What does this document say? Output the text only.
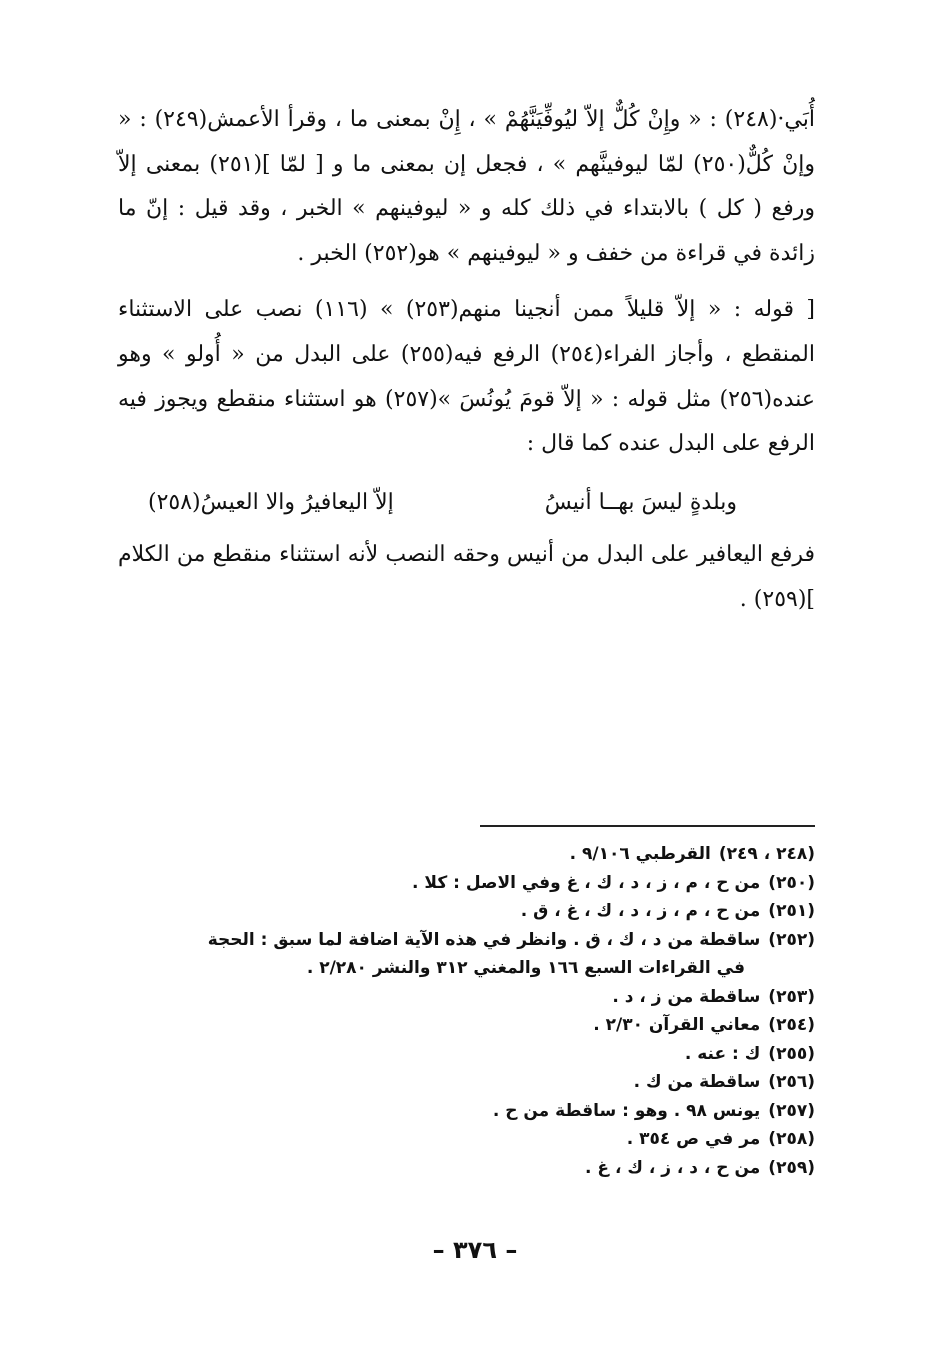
أُبَي·(٢٤٨) : « وإِنْ كُلٌّ إلاّ ليُوفِّيَنَّهُمْ » ، إِنْ بمعنى ما ، وقرأ الأعمش(٢٤٩) : « وإنْ كُلٌّ(٢٥٠) لمّا ليوفينَّهم » ، فجعل إن بمعنى ما و [ لمّا ](٢٥١) بمعنى إلاّ ورفع ( كل ) بالابتداء في ذلك كله و « ليوفينهم » الخبر ، وقد قيل : إنّ ما زائدة في قراءة من خفف و « ليوفينهم » هو(٢٥٢) الخبر .

[ قوله : « إلاّ قليلاً ممن أنجينا منهم(٢٥٣) » (١١٦) نصب على الاستثناء المنقطع ، وأجاز الفراء(٢٥٤) الرفع فيه(٢٥٥) على البدل من « أُولو » وهو عنده(٢٥٦) مثل قوله : « إلاّ قومَ يُونُسَ »(٢٥٧) هو استثناء منقطع ويجوز فيه الرفع على البدل عنده كما قال :

وبلدةٍ ليسَ بهــا أنيسُ
إلاّ اليعافيرُ والا العيسُ(٢٥٨)

فرفع اليعافير على البدل من أنيس وحقه النصب لأنه استثناء منقطع من الكلام ](٢٥٩) .

(٢٤٨ ، ٢٤٩)
القرطبي ٩/١٠٦ .

(٢٥٠)
من ح ، م ، ز ، د ، ك ، غ وفي الاصل : كلا .

(٢٥١)
من ح ، م ، ز ، د ، ك ، غ ، ق .

(٢٥٢)
ساقطة من د ، ك ، ق . وانظر في هذه الآية اضافة لما سبق : الحجة

في القراءات السبع ١٦٦ والمغني ٣١٢ والنشر ٢/٢٨٠ .

(٢٥٣)
ساقطة من ز ، د .

(٢٥٤)
معاني القرآن ٢/٣٠ .

(٢٥٥)
ك : عنه .

(٢٥٦)
ساقطة من ك .

(٢٥٧)
يونس ٩٨ . وهو : ساقطة من ح .

(٢٥٨)
مر في ص ٣٥٤ .

(٢٥٩)
من ح ، د ، ز ، ك ، غ .

– ٣٧٦ –
